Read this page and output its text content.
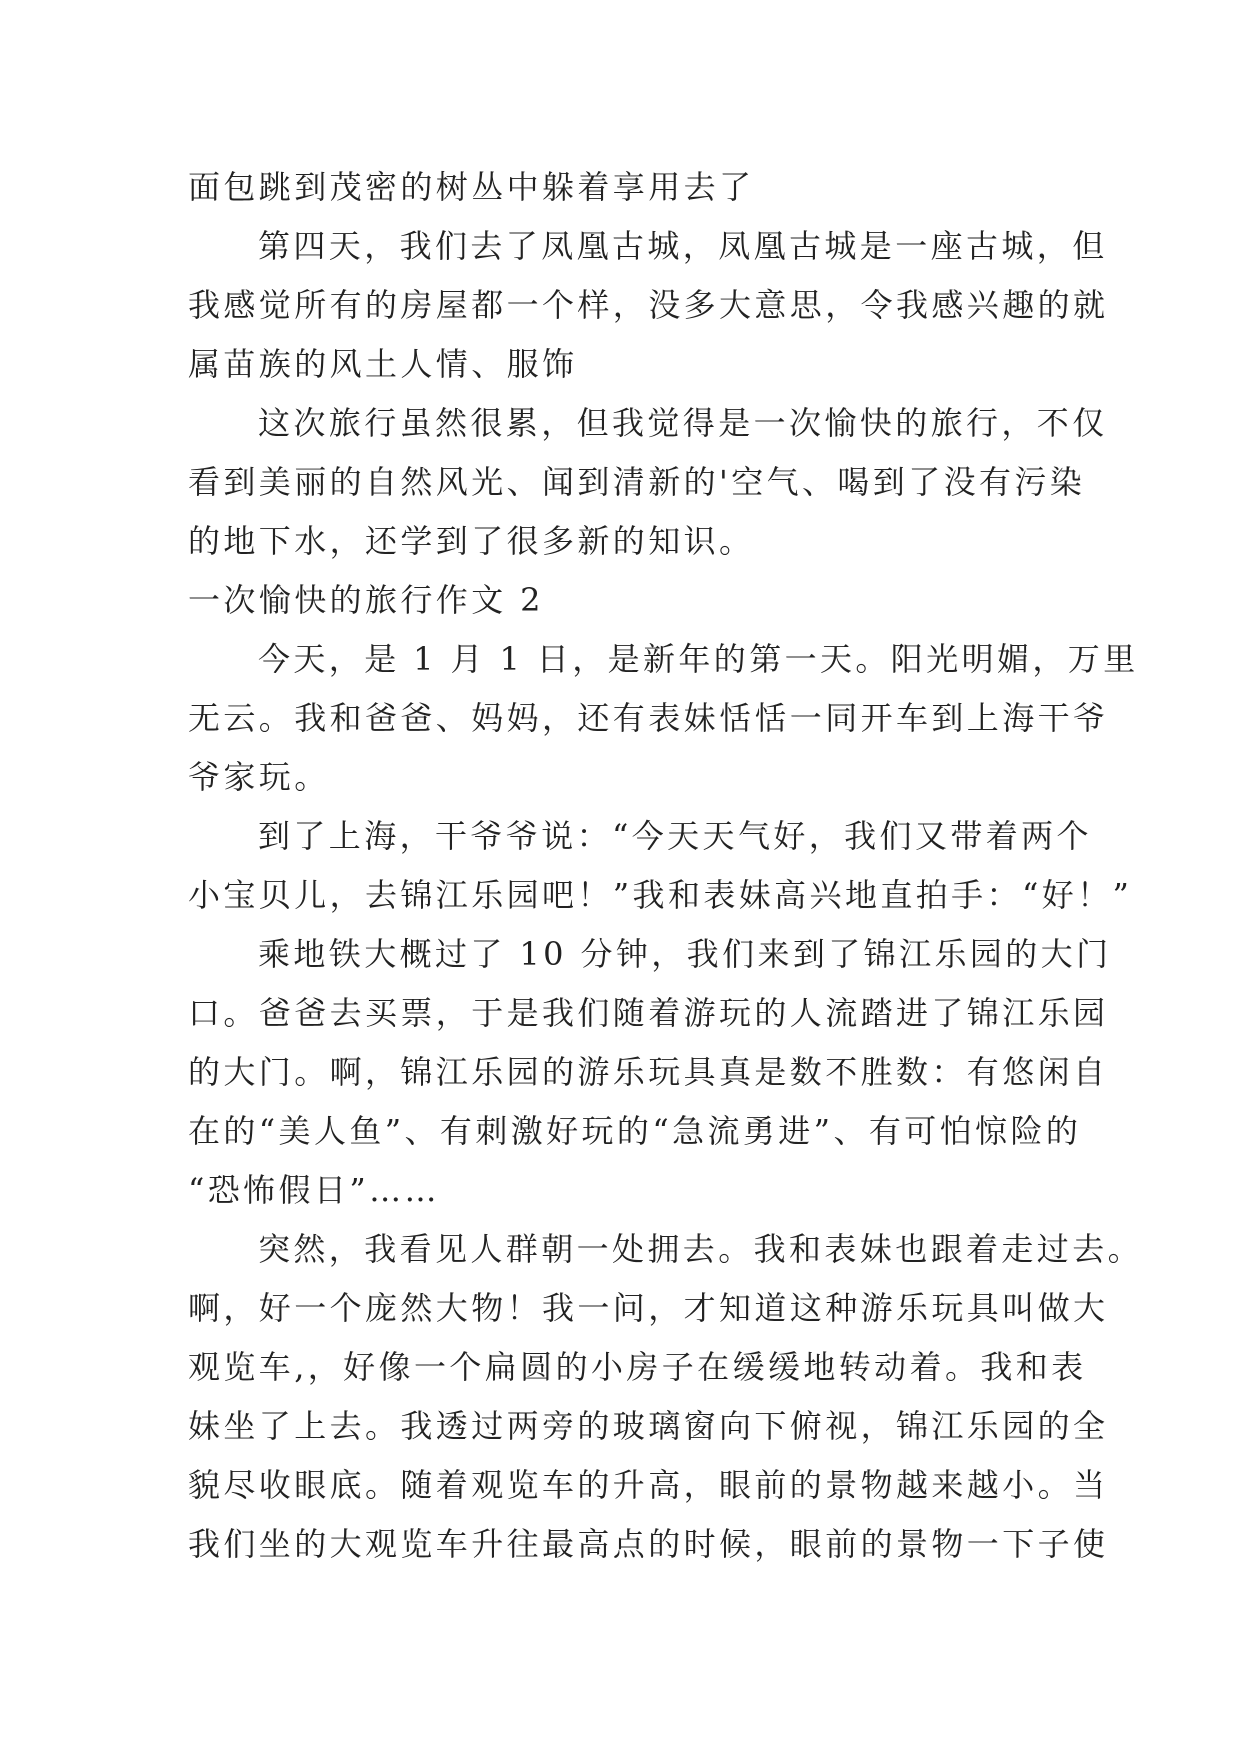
面包跳到茂密的树丛中躲着享用去了
第四天，我们去了凤凰古城，凤凰古城是一座古城，但
我感觉所有的房屋都一个样，没多大意思，令我感兴趣的就
属苗族的风土人情、服饰
这次旅行虽然很累，但我觉得是一次愉快的旅行，不仅
看到美丽的自然风光、闻到清新的'空气、喝到了没有污染
的地下水，还学到了很多新的知识。
一次愉快的旅行作文 2
今天，是 1 月 1 日，是新年的第一天。阳光明媚，万里
无云。我和爸爸、妈妈，还有表妹恬恬一同开车到上海干爷
爷家玩。
到了上海，干爷爷说：“今天天气好，我们又带着两个
小宝贝儿，去锦江乐园吧！”我和表妹高兴地直拍手：“好！”
乘地铁大概过了 10 分钟，我们来到了锦江乐园的大门
口。爸爸去买票，于是我们随着游玩的人流踏进了锦江乐园
的大门。啊，锦江乐园的游乐玩具真是数不胜数：有悠闲自
在的“美人鱼”、有刺激好玩的“急流勇进”、有可怕惊险的
“恐怖假日”……
突然，我看见人群朝一处拥去。我和表妹也跟着走过去。
啊，好一个庞然大物！我一问，才知道这种游乐玩具叫做大
观览车,，好像一个扁圆的小房子在缓缓地转动着。我和表
妹坐了上去。我透过两旁的玻璃窗向下俯视，锦江乐园的全
貌尽收眼底。随着观览车的升高，眼前的景物越来越小。当
我们坐的大观览车升往最高点的时候，眼前的景物一下子使
